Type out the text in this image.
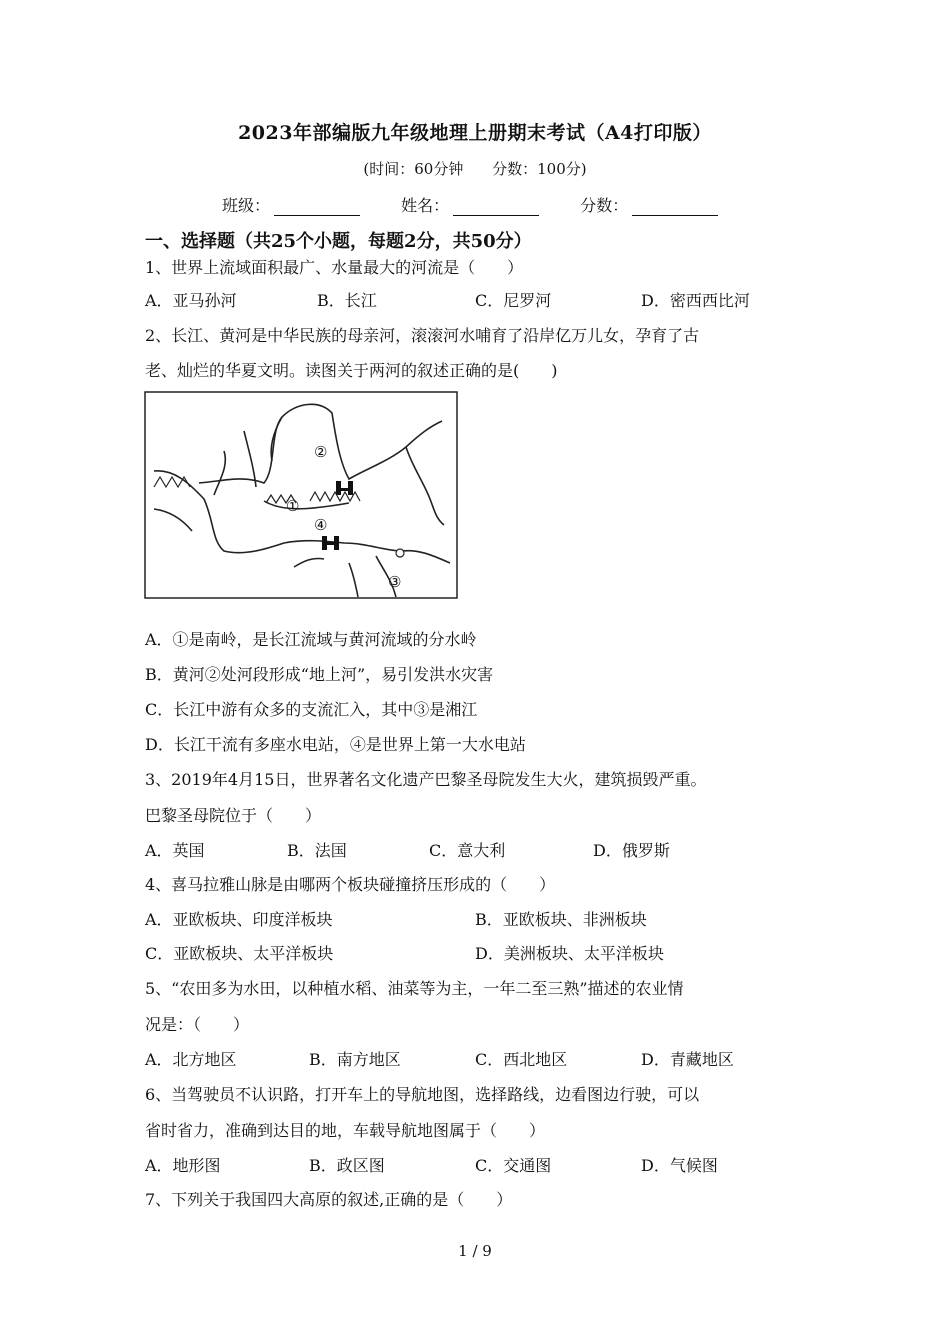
2023年部编版九年级地理上册期末考试（A4打印版）
(时间：60分钟 分数：100分)
班级：	姓名：	分数：
一、选择题（共25个小题，每题2分，共50分）
1、世界上流域面积最广、水量最大的河流是（　　）
A．亚马孙河	B．长江	C．尼罗河	D．密西西比河
2、长江、黄河是中华民族的母亲河，滚滚河水哺育了沿岸亿万儿女，孕育了古
老、灿烂的华夏文明。读图关于两河的叙述正确的是(　　)
②
①
④
③
A．①是南岭，是长江流域与黄河流域的分水岭
B．黄河②处河段形成“地上河”，易引发洪水灾害
C．长江中游有众多的支流汇入，其中③是湘江
D．长江干流有多座水电站，④是世界上第一大水电站
3、2019年4月15日，世界著名文化遗产巴黎圣母院发生大火，建筑损毁严重。
巴黎圣母院位于（　　）
A．英国	B．法国	C．意大利	D．俄罗斯
4、喜马拉雅山脉是由哪两个板块碰撞挤压形成的（　　）
A．亚欧板块、印度洋板块	B．亚欧板块、非洲板块
C．亚欧板块、太平洋板块	D．美洲板块、太平洋板块
5、“农田多为水田，以种植水稻、油菜等为主，一年二至三熟”描述的农业情
况是：（　　）
A．北方地区	B．南方地区	C．西北地区	D．青藏地区
6、当驾驶员不认识路，打开车上的导航地图，选择路线，边看图边行驶，可以
省时省力，准确到达目的地，车载导航地图属于（　　）
A．地形图	B．政区图	C．交通图	D．气候图
7、下列关于我国四大高原的叙述,正确的是（　　）
1 / 9
